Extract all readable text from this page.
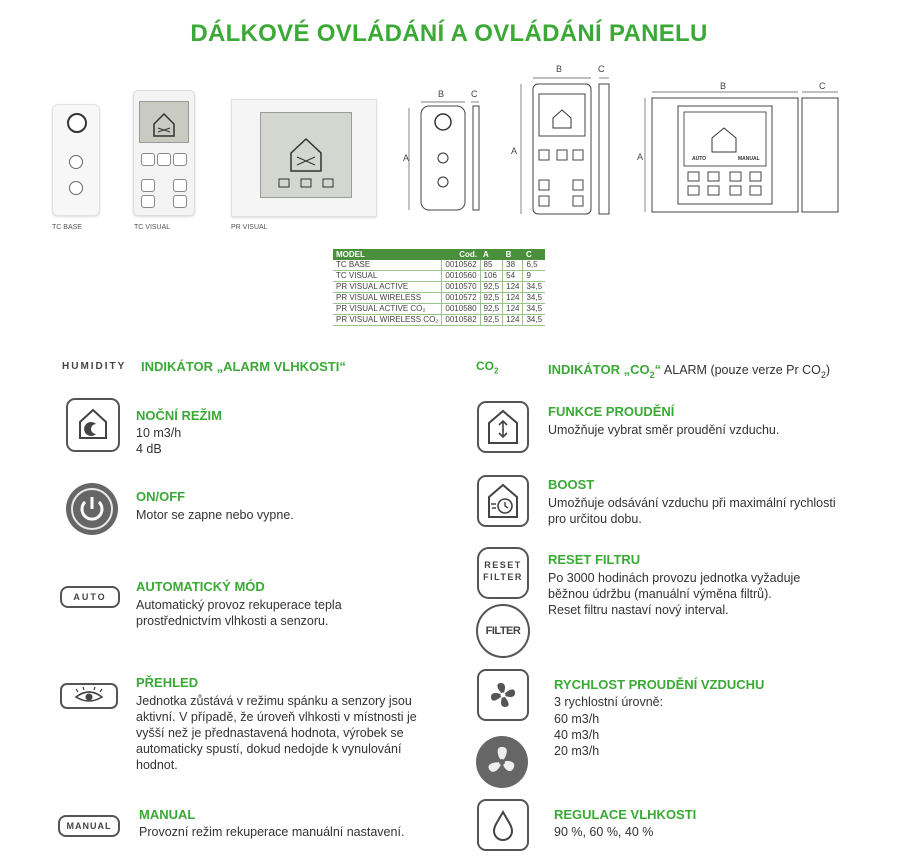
DÁLKOVÉ OVLÁDÁNÍ A OVLÁDÁNÍ PANELU
TC BASE	TC VISUAL	PR VISUAL
B	C
A
B	C
A
B	C
A	AUTO	MANUAL
MODEL	Cod.	A	B	C
TC BASE	0010562	85	38	6,5
TC VISUAL	0010560	106	54	9
PR VISUAL ACTIVE	0010570	92,5	124	34,5
PR VISUAL WIRELESS	0010572	92,5	124	34,5
PR VISUAL ACTIVE CO₂	0010580	92,5	124	34,5
PR VISUAL WIRELESS CO₂	0010582	92,5	124	34,5
HUMIDITY INDIKÁTOR „ALARM VLHKOSTI“
NOČNÍ REŽIM
10 m3/h
4 dB
ON/OFF
Motor se zapne nebo vypne.
AUTO
AUTOMATICKÝ MÓD
Automatický provoz rekuperace tepla
prostřednictvím vlhkosti a senzoru.
PŘEHLED
Jednotka zůstává v režimu spánku a senzory jsou
aktivní. V případě, že úroveň vlhkosti v místnosti je
vyšší než je přednastavená hodnota, výrobek se
automaticky spustí, dokud nedojde k vynulování
hodnot.
MANUAL
MANUAL
Provozní režim rekuperace manuální nastavení.
$CO_2$	INDIKÁTOR $„CO_2“$ ALARM (pouze verze Pr $CO_2$)
FUNKCE PROUDĚNÍ
Umožňuje vybrat směr proudění vzduchu.
BOOST
Umožňuje odsávání vzduchu při maximální rychlosti
pro určitou dobu.
RESET
FILTER
FILTER
RESET FILTRU
Po 3000 hodinách provozu jednotka vyžaduje
běžnou údržbu (manuální výměna filtrů).
Reset filtru nastaví nový interval.
RYCHLOST PROUDĚNÍ VZDUCHU
3 rychlostní úrovně:
60 m3/h
40 m3/h
20 m3/h
REGULACE VLHKOSTI
90 %, 60 %, 40 %
